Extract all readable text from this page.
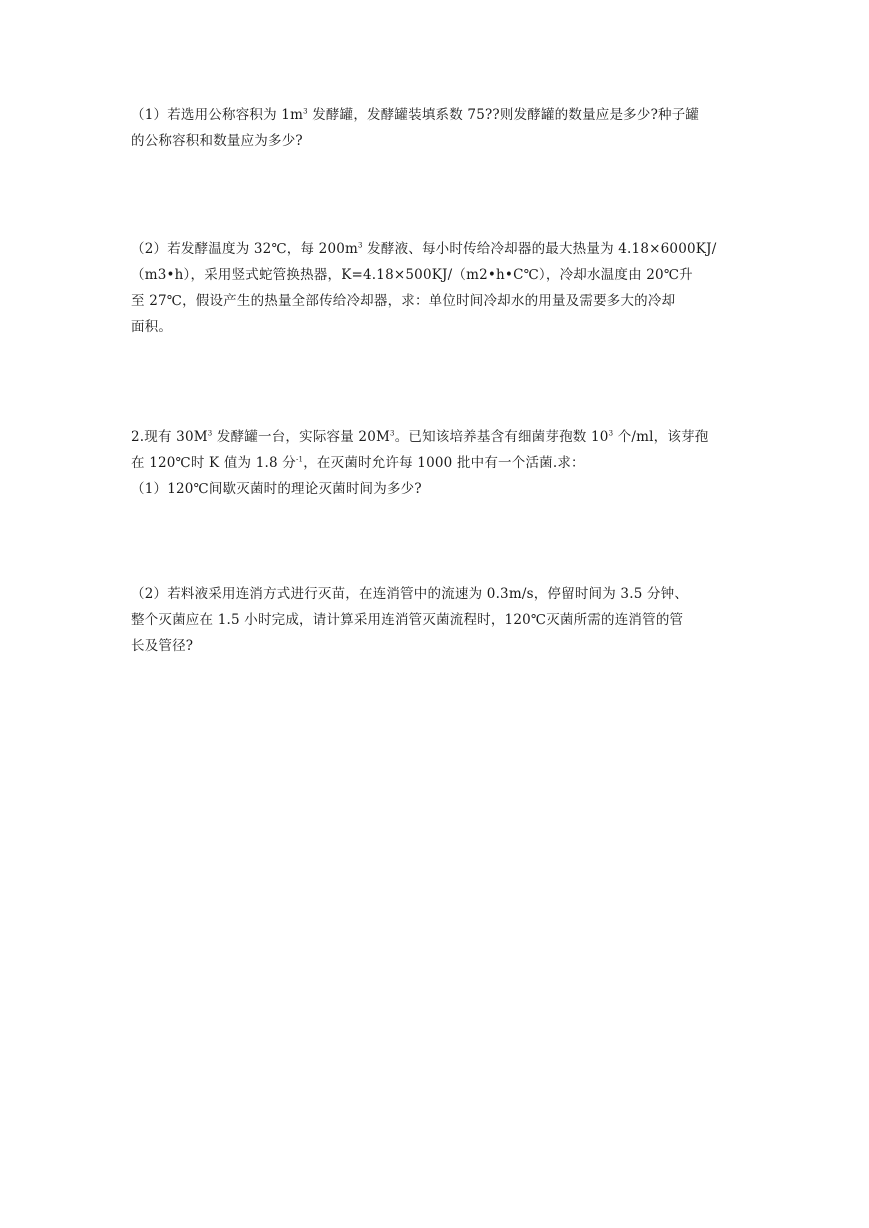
（1）若选用公称容积为 $1m^3$ 发酵罐，发酵罐装填系数 75??则发酵罐的数量应是多少?种子罐
的公称容积和数量应为多少?

（2）若发酵温度为 32℃，每 $200m^3$ 发酵液、每小时传给冷却器的最大热量为 4.18×6000KJ/
（m3•h），采用竖式蛇管换热器，K=4.18×500KJ/（m2•h•C℃），冷却水温度由 20℃升
至 27℃，假设产生的热量全部传给冷却器，求：单位时间冷却水的用量及需要多大的冷却
面积。

2.现有 $30M^3$ 发酵罐一台，实际容量 $20M^3$。已知该培养基含有细菌芽孢数 $10^3$ 个/ml，该芽孢
在 120℃时 K 值为 1.8 分$^{-1}$，在灭菌时允许每 1000 批中有一个活菌.求：
（1）120℃间歇灭菌时的理论灭菌时间为多少?

（2）若料液采用连消方式进行灭苗，在连消管中的流速为 0.3m/s，停留时间为 3.5 分钟、
整个灭菌应在 1.5 小时完成，请计算采用连消管灭菌流程时，120℃灭菌所需的连消管的管
长及管径?
